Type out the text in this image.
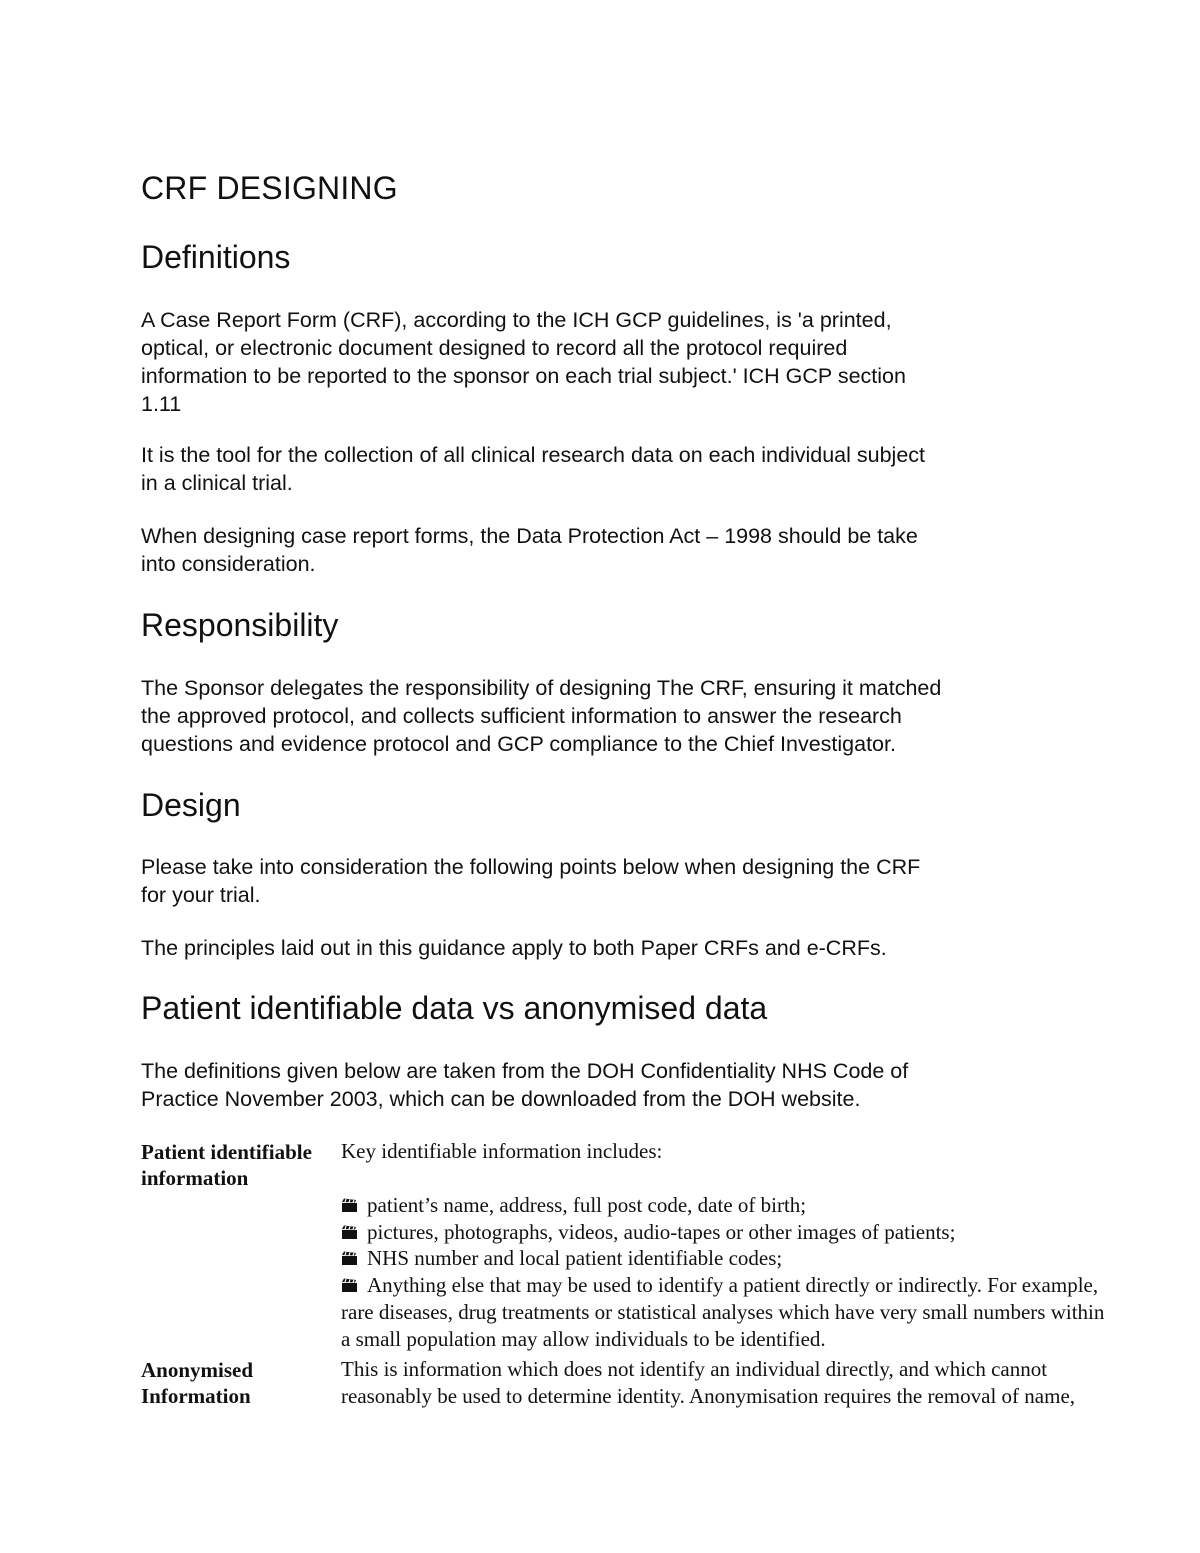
CRF DESIGNING
Definitions
A Case Report Form (CRF), according to the ICH GCP guidelines, is 'a printed,
optical, or electronic document designed to record all the protocol required
information to be reported to the sponsor on each trial subject.' ICH GCP section
1.11
It is the tool for the collection of all clinical research data on each individual subject
in a clinical trial.
When designing case report forms, the Data Protection Act – 1998 should be take
into consideration.
Responsibility
The Sponsor delegates the responsibility of designing The CRF, ensuring it matched
the approved protocol, and collects sufficient information to answer the research
questions and evidence protocol and GCP compliance to the Chief Investigator.
Design
Please take into consideration the following points below when designing the CRF
for your trial.
The principles laid out in this guidance apply to both Paper CRFs and e-CRFs.
Patient identifiable data vs anonymised data
The definitions given below are taken from the DOH Confidentiality NHS Code of
Practice November 2003, which can be downloaded from the DOH website.
Patient identifiable
information
Key identifiable information includes:
patient’s name, address, full post code, date of birth;
pictures, photographs, videos, audio-tapes or other images of patients;
NHS number and local patient identifiable codes;
Anything else that may be used to identify a patient directly or indirectly. For example,
rare diseases, drug treatments or statistical analyses which have very small numbers within
a small population may allow individuals to be identified.
Anonymised
Information
This is information which does not identify an individual directly, and which cannot
reasonably be used to determine identity. Anonymisation requires the removal of name,
